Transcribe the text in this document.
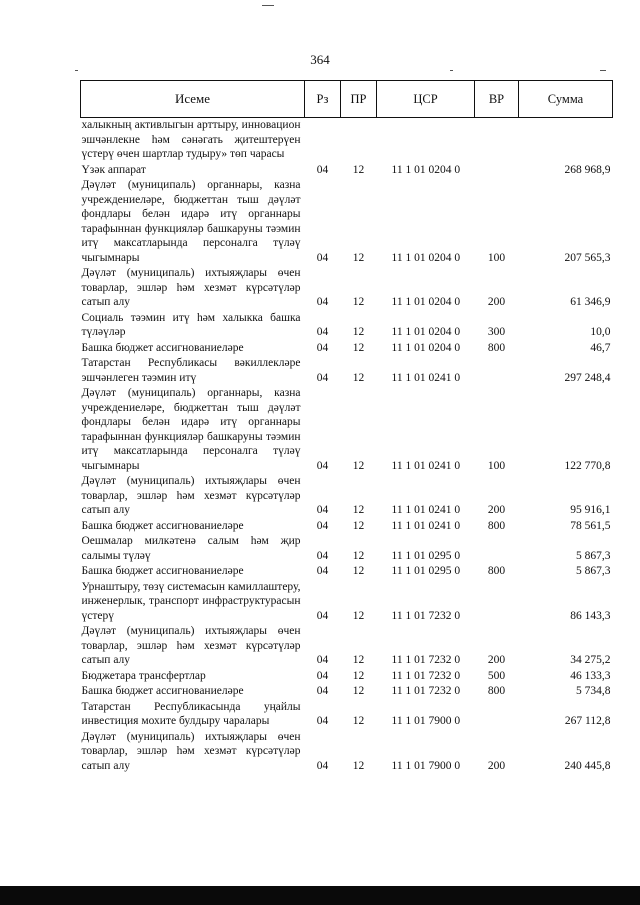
364
Исеме	Рз	ПР	ЦСР	ВР	Сумма
халыкның активлыгын арттыру, инновацион эшчәнлекне һәм сәнәгать җитештерүен үстерү өчен шартлар тудыру» төп чарасы					
Үзәк аппарат	04	12	11 1 01 0204 0		268 968,9
Дәүләт (муниципаль) органнары, казна учреждениеләре, бюджеттан тыш дәүләт фондлары белән идарә итү органнары тарафыннан функцияләр башкаруны тәэмин итү максатларында персоналга түләү чыгымнары	04	12	11 1 01 0204 0	100	207 565,3
Дәүләт (муниципаль) ихтыяҗлары өчен товарлар, эшләр һәм хезмәт күрсәтүләр сатып алу	04	12	11 1 01 0204 0	200	61 346,9
Социаль тәэмин итү һәм халыкка башка түләүләр	04	12	11 1 01 0204 0	300	10,0
Башка бюджет ассигнованиеләре	04	12	11 1 01 0204 0	800	46,7
Татарстан Республикасы вәкиллекләре эшчәнлеген тәэмин итү	04	12	11 1 01 0241 0		297 248,4
Дәүләт (муниципаль) органнары, казна учреждениеләре, бюджеттан тыш дәүләт фондлары белән идарә итү органнары тарафыннан функцияләр башкаруны тәэмин итү максатларында персоналга түләү чыгымнары	04	12	11 1 01 0241 0	100	122 770,8
Дәүләт (муниципаль) ихтыяҗлары өчен товарлар, эшләр һәм хезмәт күрсәтүләр сатып алу	04	12	11 1 01 0241 0	200	95 916,1
Башка бюджет ассигнованиеләре	04	12	11 1 01 0241 0	800	78 561,5
Оешмалар милкәтенә салым һәм җир салымы түләү	04	12	11 1 01 0295 0		5 867,3
Башка бюджет ассигнованиеләре	04	12	11 1 01 0295 0	800	5 867,3
Урнаштыру, төзү системасын камиллаштеру, инженерлык, транспорт инфраструктурасын үстерү	04	12	11 1 01 7232 0		86 143,3
Дәүләт (муниципаль) ихтыяҗлары өчен товарлар, эшләр һәм хезмәт күрсәтүләр сатып алу	04	12	11 1 01 7232 0	200	34 275,2
Бюджетара трансфертлар	04	12	11 1 01 7232 0	500	46 133,3
Башка бюджет ассигнованиеләре	04	12	11 1 01 7232 0	800	5 734,8
Татарстан Республикасында уңайлы инвестиция мохите булдыру чаралары	04	12	11 1 01 7900 0		267 112,8
Дәүләт (муниципаль) ихтыяҗлары өчен товарлар, эшләр һәм хезмәт күрсәтүләр сатып алу	04	12	11 1 01 7900 0	200	240 445,8
